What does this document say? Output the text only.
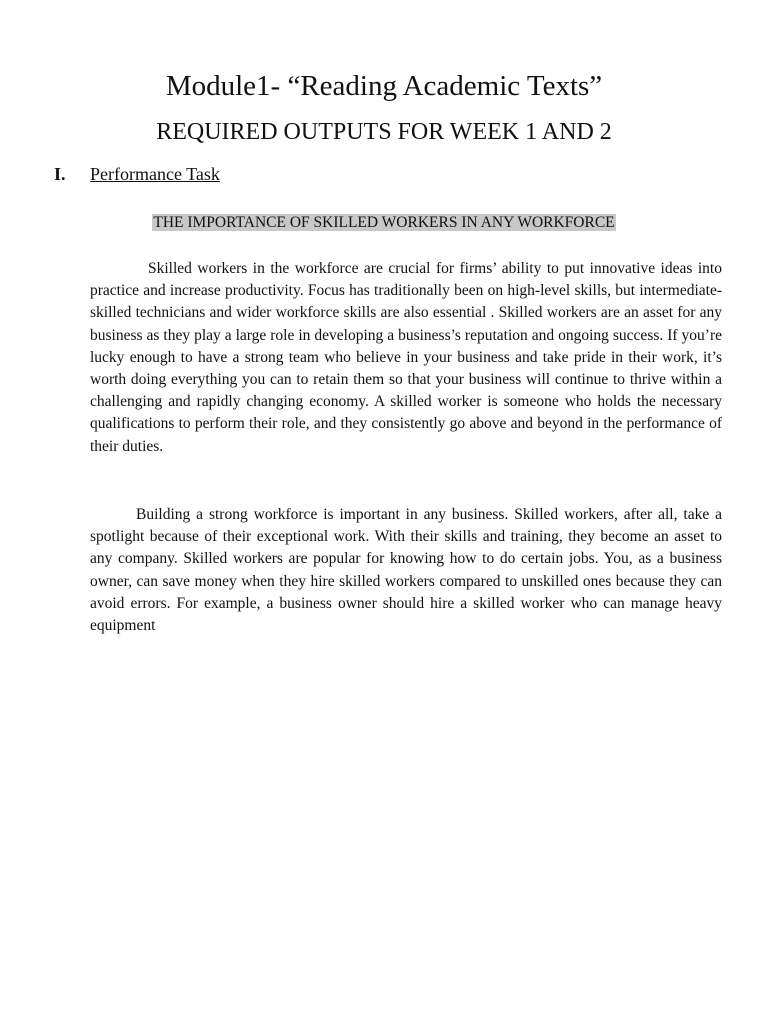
Module1- “Reading Academic Texts”
REQUIRED OUTPUTS FOR WEEK 1 AND 2
I. Performance Task
THE IMPORTANCE OF SKILLED WORKERS IN ANY WORKFORCE

Skilled workers in the workforce are crucial for firms’ ability to put innovative ideas into practice and increase productivity. Focus has traditionally been on high-level skills, but intermediate-skilled technicians and wider workforce skills are also essential . Skilled workers are an asset for any business as they play a large role in developing a business’s reputation and ongoing success. If you’re lucky enough to have a strong team who believe in your business and take pride in their work, it’s worth doing everything you can to retain them so that your business will continue to thrive within a challenging and rapidly changing economy. A skilled worker is someone who holds the necessary qualifications to perform their role, and they consistently go above and beyond in the performance of their duties.

Building a strong workforce is important in any business. Skilled workers, after all, take a spotlight because of their exceptional work. With their skills and training, they become an asset to any company. Skilled workers are popular for knowing how to do certain jobs. You, as a business owner, can save money when they hire skilled workers compared to unskilled ones because they can avoid errors. For example, a business owner should hire a skilled worker who can manage heavy equipment
